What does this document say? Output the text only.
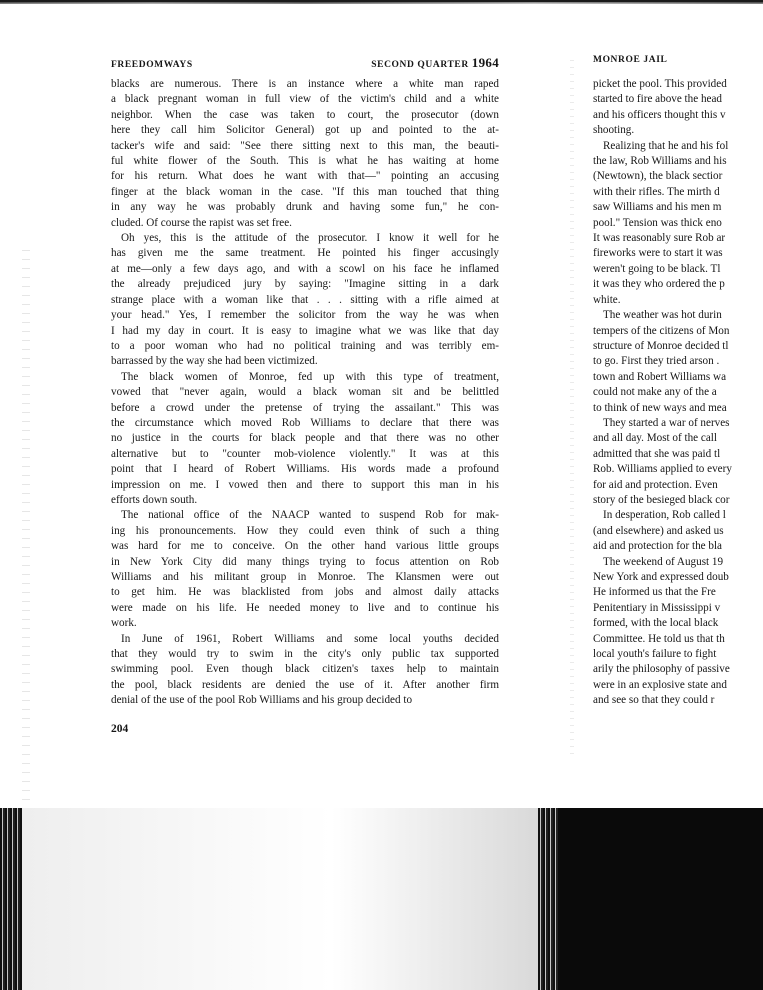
FREEDOMWAYS	SECOND QUARTER 1964

blacks are numerous. There is an instance where a white man raped

a black pregnant woman in full view of the victim's child and a white

neighbor. When the case was taken to court, the prosecutor (down

here they call him Solicitor General) got up and pointed to the at-

tacker's wife and said: "See there sitting next to this man, the beauti-

ful white flower of the South. This is what he has waiting at home

for his return. What does he want with that—" pointing an accusing

finger at the black woman in the case. "If this man touched that thing

in any way he was probably drunk and having some fun," he con-

cluded. Of course the rapist was set free.

Oh yes, this is the attitude of the prosecutor. I know it well for he

has given me the same treatment. He pointed his finger accusingly

at me—only a few days ago, and with a scowl on his face he inflamed

the already prejudiced jury by saying: "Imagine sitting in a dark

strange place with a woman like that . . . sitting with a rifle aimed at

your head." Yes, I remember the solicitor from the way he was when

I had my day in court. It is easy to imagine what we was like that day

to a poor woman who had no political training and was terribly em-

barrassed by the way she had been victimized.

The black women of Monroe, fed up with this type of treatment,

vowed that "never again, would a black woman sit and be belittled

before a crowd under the pretense of trying the assailant." This was

the circumstance which moved Rob Williams to declare that there was

no justice in the courts for black people and that there was no other

alternative but to "counter mob-violence violently." It was at this

point that I heard of Robert Williams. His words made a profound

impression on me. I vowed then and there to support this man in his

efforts down south.

The national office of the NAACP wanted to suspend Rob for mak-

ing his pronouncements. How they could even think of such a thing

was hard for me to conceive. On the other hand various little groups

in New York City did many things trying to focus attention on Rob

Williams and his militant group in Monroe. The Klansmen were out

to get him. He was blacklisted from jobs and almost daily attacks

were made on his life. He needed money to live and to continue his

work.

In June of 1961, Robert Williams and some local youths decided

that they would try to swim in the city's only public tax supported

swimming pool. Even though black citizen's taxes help to maintain

the pool, black residents are denied the use of it. After another firm

denial of the use of the pool Rob Williams and his group decided to

204
MONROE JAIL

picket the pool. This provided

started to fire above the head

and his officers thought this v

shooting.

Realizing that he and his fol

the law, Rob Williams and his

(Newtown), the black sectior

with their rifles. The mirth d

saw Williams and his men m

pool." Tension was thick eno

It was reasonably sure Rob ar

fireworks were to start it was

weren't going to be black. Tl

it was they who ordered the p

white.

The weather was hot durin

tempers of the citizens of Mon

structure of Monroe decided tl

to go. First they tried arson .

town and Robert Williams wa

could not make any of the a

to think of new ways and mea

They started a war of nerves

and all day. Most of the call

admitted that she was paid tl

Rob. Williams applied to every

for aid and protection. Even

story of the besieged black cor

In desperation, Rob called l

(and elsewhere) and asked us

aid and protection for the bla

The weekend of August 19

New York and expressed doub

He informed us that the Fre

Penitentiary in Mississippi v

formed, with the local black

Committee. He told us that th

local youth's failure to fight

arily the philosophy of passive

were in an explosive state and

and see so that they could r
